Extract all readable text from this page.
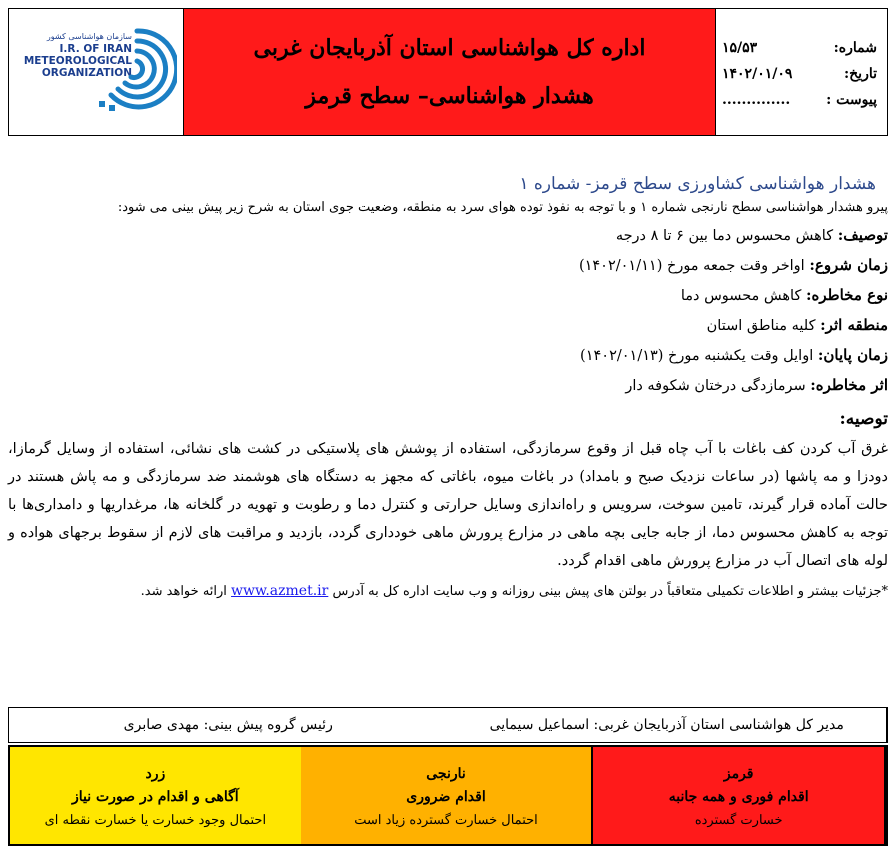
شماره:
۱۵/۵۳
تاریخ:
۱۴۰۲/۰۱/۰۹
پیوست :
..............
اداره کل هواشناسی استان آذربایجان غربی
هشدار هواشناسی– سطح قرمز
سازمان هواشناسی کشور
I.R. OF IRAN
METEOROLOGICAL
ORGANIZATION
هشدار هواشناسی کشاورزی سطح قرمز- شماره ۱
پیرو هشدار هواشناسی سطح نارنجی شماره ۱ و با توجه به نفوذ توده هوای سرد به منطقه، وضعیت جوی استان به شرح زیر پیش بینی می شود:
توصیف: کاهش محسوس دما بین ۶ تا ۸ درجه
زمان شروع: اواخر وقت جمعه مورخ (۱۴۰۲/۰۱/۱۱)
نوع مخاطره: کاهش محسوس دما
منطقه اثر: کلیه مناطق استان
زمان پایان: اوایل وقت یکشنبه مورخ (۱۴۰۲/۰۱/۱۳)
اثر مخاطره: سرمازدگی درختان شکوفه دار
توصیه:
غرق آب کردن کف باغات با آب چاه قبل از وقوع سرمازدگی، استفاده از پوشش های پلاستیکی در کشت های نشائی، استفاده از وسایل گرمازا، دودزا و مه پاشها (در ساعات نزدیک صبح و بامداد) در باغات میوه، باغاتی که مجهز به دستگاه های هوشمند ضد سرمازدگی و مه پاش هستند در حالت آماده قرار گیرند، تامین سوخت، سرویس و راه‌اندازی وسایل حرارتی و کنترل دما و رطوبت و تهویه در گلخانه ها، مرغداریها و دامداری‌ها با توجه به کاهش محسوس دما، از جابه جایی بچه ماهی در مزارع پرورش ماهی خودداری گردد، بازدید و مراقبت های لازم از سقوط برجهای هواده و لوله های اتصال آب در مزارع پرورش ماهی اقدام گردد.
*جزئیات بیشتر و اطلاعات تکمیلی متعاقباً در بولتن های پیش بینی روزانه و وب سایت اداره کل به آدرس www.azmet.ir ارائه خواهد شد.
رئیس گروه پیش بینی: مهدی صابری	مدیر کل هواشناسی استان آذربایجان غربی: اسماعیل سیمایی
زرد
آگاهی و اقدام در صورت نیاز
احتمال وجود خسارت یا خسارت نقطه ای
نارنجی
اقدام ضروری
احتمال خسارت گسترده زیاد است
قرمز
اقدام فوری و همه جانبه
خسارت گسترده
